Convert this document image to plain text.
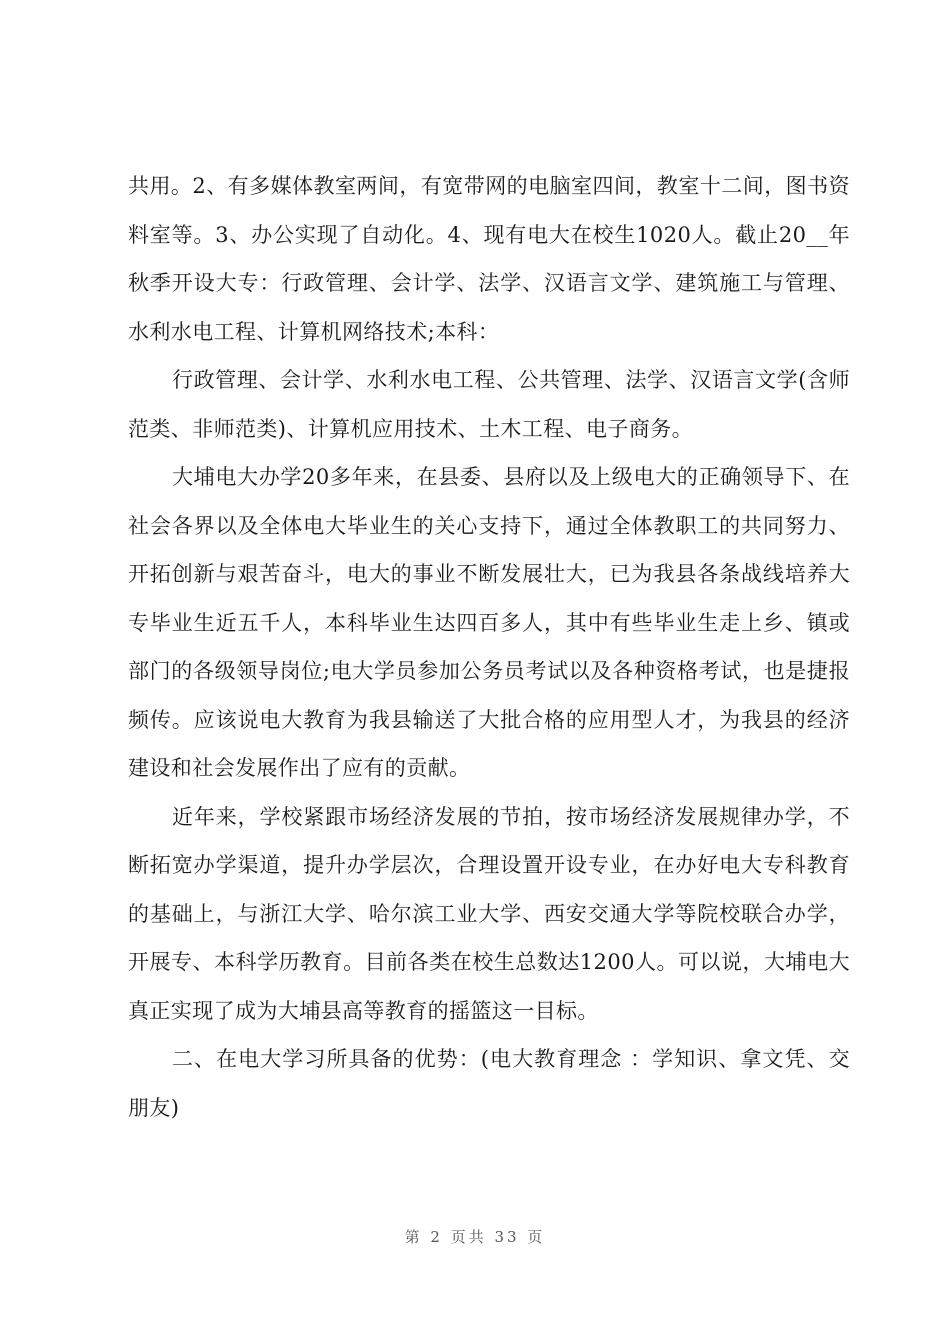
共用。2、有多媒体教室两间，有宽带网的电脑室四间，教室十二间，图书资料室等。3、办公实现了自动化。4、现有电大在校生1020人。截止20__年秋季开设大专：行政管理、会计学、法学、汉语言文学、建筑施工与管理、水利水电工程、计算机网络技术;本科：

行政管理、会计学、水利水电工程、公共管理、法学、汉语言文学(含师范类、非师范类)、计算机应用技术、土木工程、电子商务。

大埔电大办学20多年来，在县委、县府以及上级电大的正确领导下、在社会各界以及全体电大毕业生的关心支持下，通过全体教职工的共同努力、开拓创新与艰苦奋斗，电大的事业不断发展壮大，已为我县各条战线培养大专毕业生近五千人，本科毕业生达四百多人，其中有些毕业生走上乡、镇或部门的各级领导岗位;电大学员参加公务员考试以及各种资格考试，也是捷报频传。应该说电大教育为我县输送了大批合格的应用型人才，为我县的经济建设和社会发展作出了应有的贡献。

近年来，学校紧跟市场经济发展的节拍，按市场经济发展规律办学，不断拓宽办学渠道，提升办学层次，合理设置开设专业，在办好电大专科教育的基础上，与浙江大学、哈尔滨工业大学、西安交通大学等院校联合办学，开展专、本科学历教育。目前各类在校生总数达1200人。可以说，大埔电大真正实现了成为大埔县高等教育的摇篮这一目标。

二、在电大学习所具备的优势：(电大教育理念 ：学知识、拿文凭、交朋友)

第 2 页共 33 页
